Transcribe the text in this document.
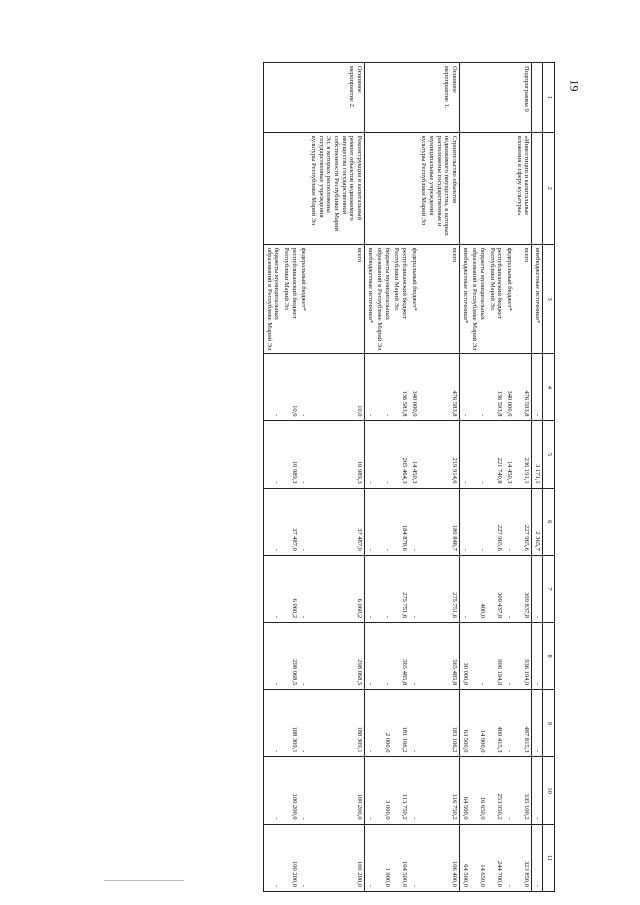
19
1	2	3	4	5	6	7	8	9	10	11
		внебюджетные источники*	-	3 171,1	2 365,7	-	-	-	-	-
Подпрограмма 9	«Инвестиции и капитальные вложения в сферу культуры»	всего	476 593,8	236 191,1	227 965,6	309 837,8	936 194,9	487 815,3	335 100,2	323 850,0
		федеральный бюджет*	340 000,0	14 450,3	-	-	-	-	-	-
		республиканский бюджет Республики Марий Эл	136 593,8	221 740,8	227 965,6	309 437,8	906 194,9	409 415,3	253 950,2	244 700,0
		бюджеты муниципальных образований в Республике Марий Эл	-	-	-	400,0	-	14 900,0	16 650,0	14 650,0
		внебюджетные источники*	-	-	-	-	30 000,0	63 500,0	64 500,0	64 500,0
Основное мероприятие 1.	Строительство объектов недвижимого имущества, в которых расположены государственные и муниципальные учреждения культуры Республики Марий Эл	всего	476 583,8	219 914,6	180 848,7	275 751,6	565 485,8	183 106,2	116 750,2	106 400,0
		федеральный бюджет*	340 000,0	14 450,3	-	-	-	-	-	-
		республиканский бюджет Республики Марий Эл	136 583,8	205 464,3	184 878,6	275 751,6	565 485,8	181 106,2	113 750,2	104 500,0
		бюджеты муниципальных образований в Республике Марий Эл	-	-	-	-	-	2 000,0	3 000,0	1 900,0
		внебюджетные источники*	-	-	-	-	-	-	-	-
Основное мероприятие 2.	Реконструкция и капитальный ремонт объектов недвижимого имущества государственной собственности Республики Марий Эл, в которых расположены государственные учреждения культуры Республики Марий Эл	всего	10,0	10 989,3	37 487,0	6 060,2	298 068,5	188 309,1	100 200,0	100 200,0
		федеральный бюджет*	-	-	-	-	-	-	-	-
		республиканский бюджет Республики Марий Эл	10,0	10 989,3	37 487,0	6 060,2	298 068,5	188 309,1	100 200,0	100 200,0
		бюджеты муниципальных образований в Республике Марий Эл	-	-	-	-	-	-	-	-
